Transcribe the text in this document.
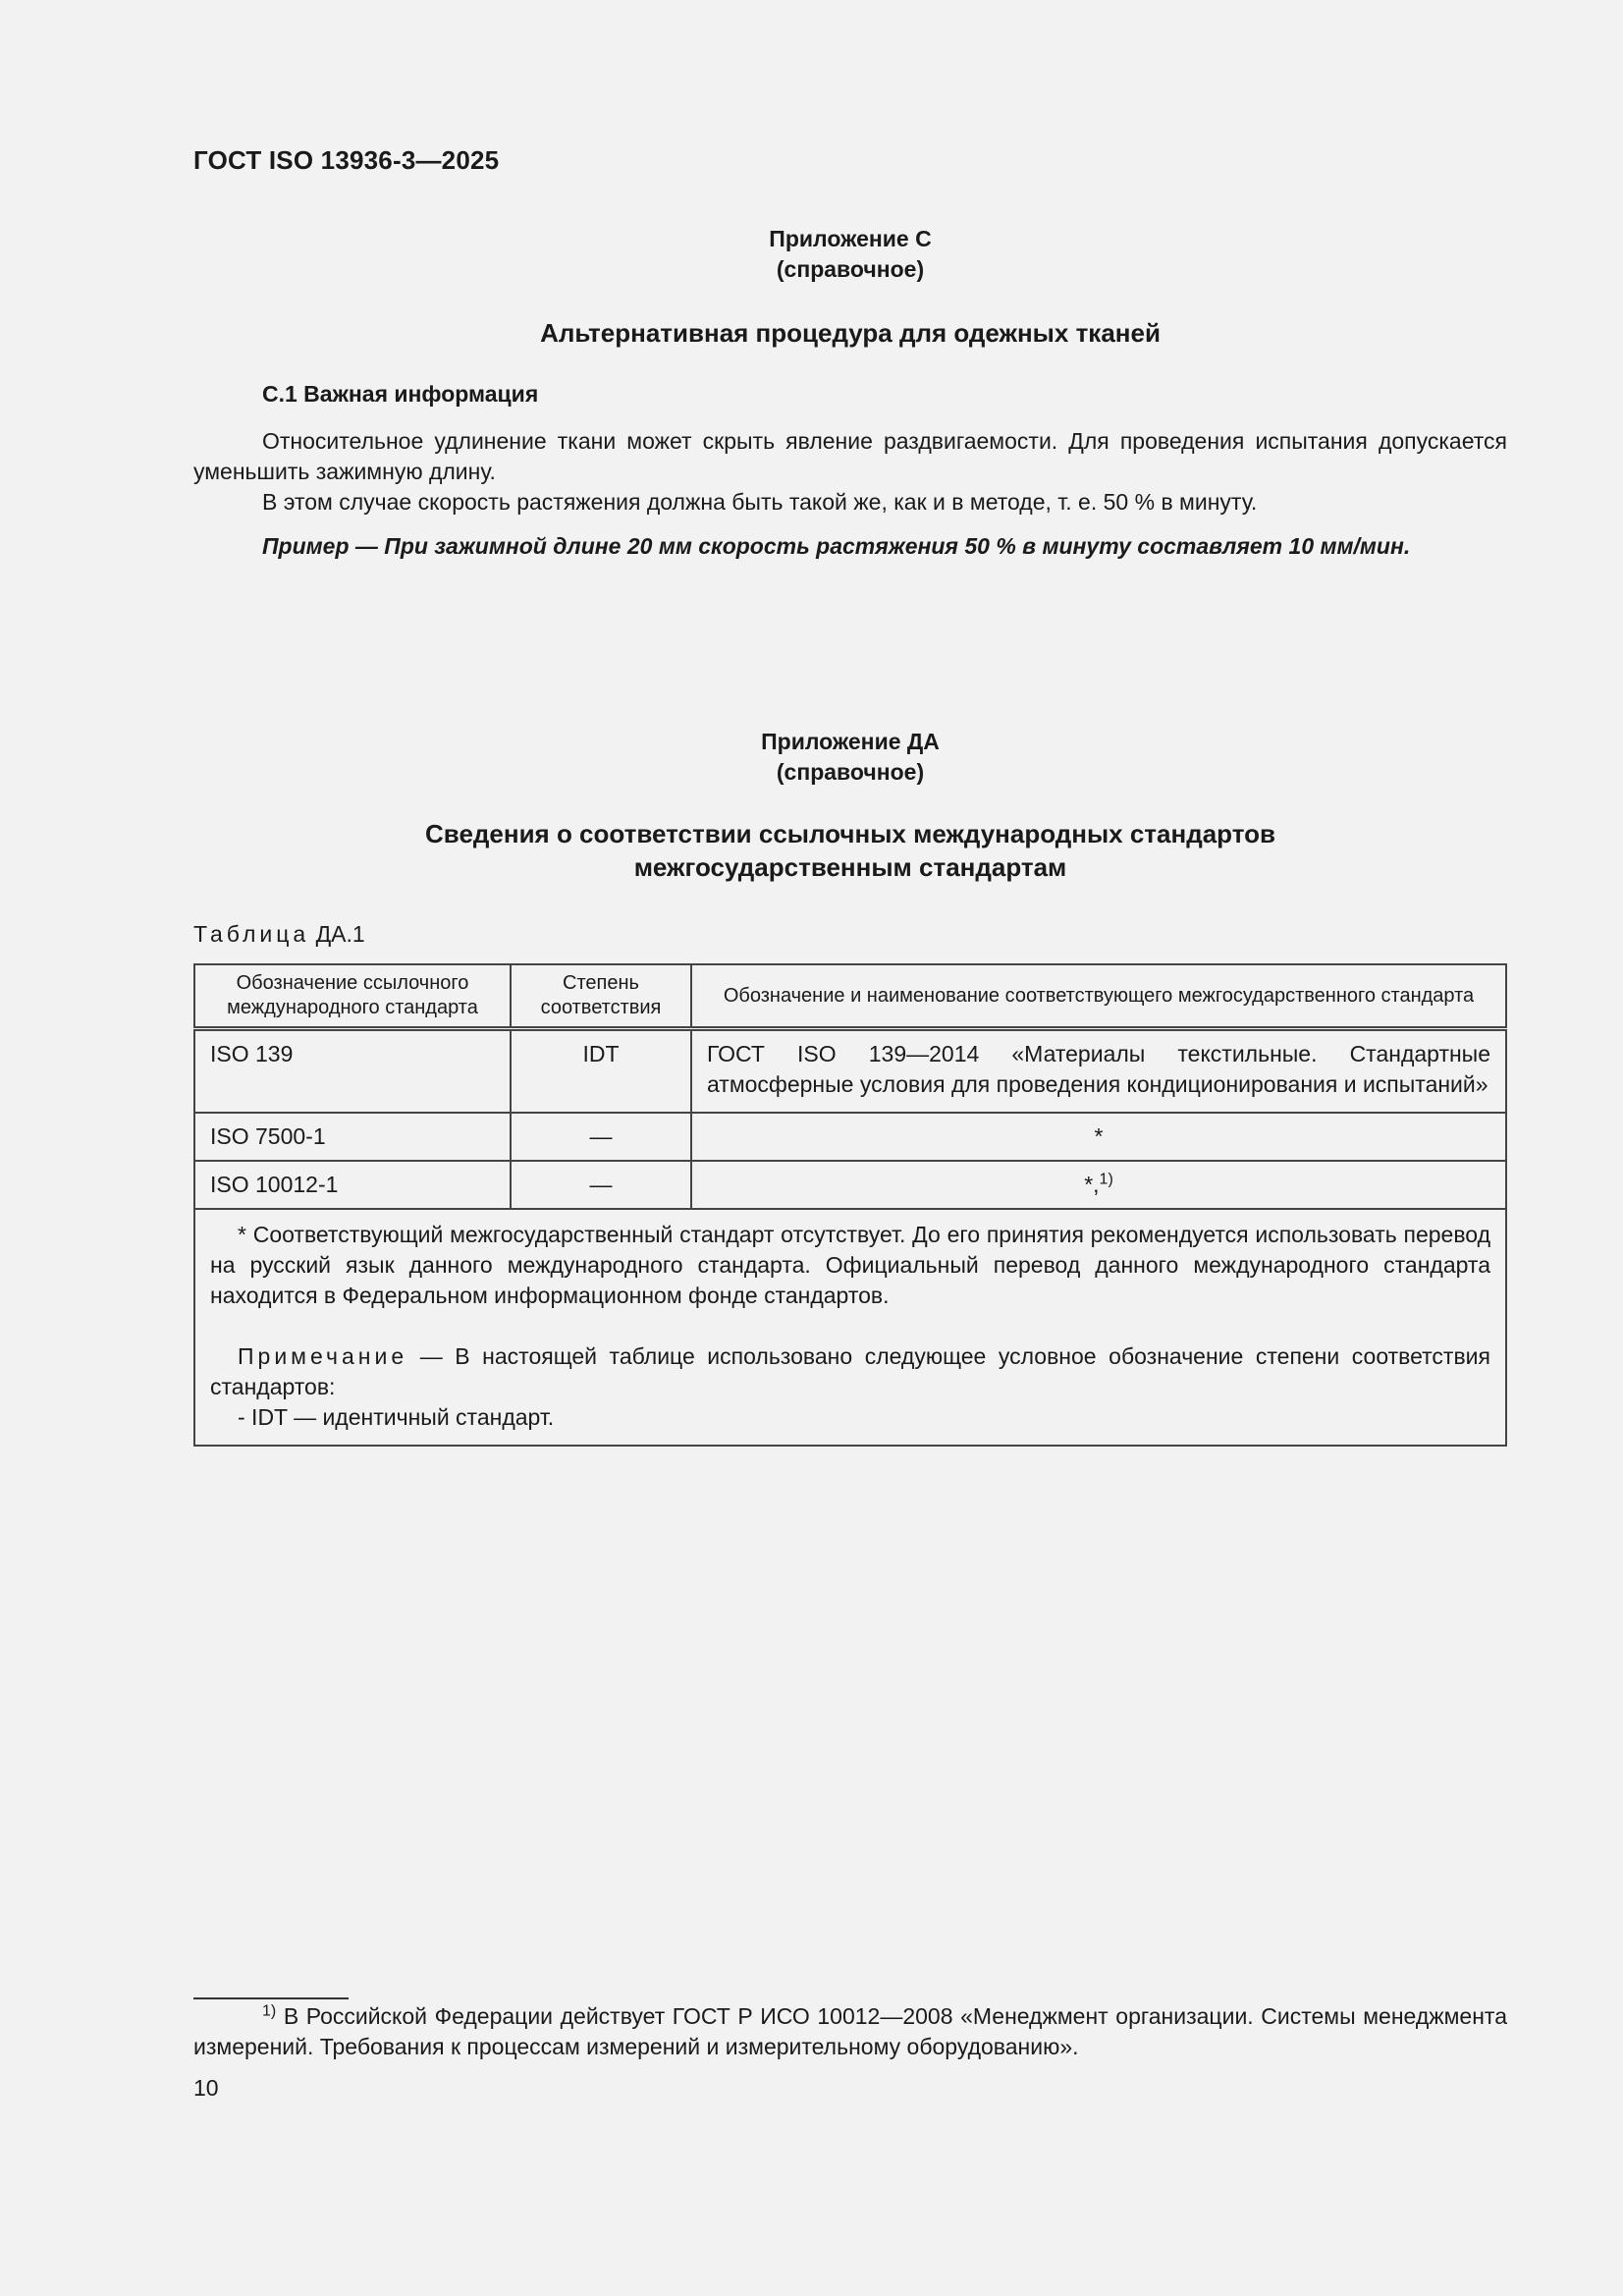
ГОСТ ISO 13936-3—2025
Приложение С
(справочное)
Альтернативная процедура для одежных тканей
С.1 Важная информация
Относительное удлинение ткани может скрыть явление раздвигаемости. Для проведения испытания допускается уменьшить зажимную длину.
В этом случае скорость растяжения должна быть такой же, как и в методе, т. е. 50 % в минуту.
Пример — При зажимной длине 20 мм скорость растяжения 50 % в минуту составляет 10 мм/мин.
Приложение ДА
(справочное)
Сведения о соответствии ссылочных международных стандартов
межгосударственным стандартам
Таблица ДА.1
Обозначение ссылочного международного стандарта	Степень соответствия	Обозначение и наименование соответствующего межгосударственного стандарта
ISO 139	IDT	ГОСТ ISO 139—2014 «Материалы текстильные. Стандартные атмосферные условия для проведения кондиционирования и испытаний»
ISO 7500-1	—	*
ISO 10012-1	—	*,$^{1)}$

* Соответствующий межгосударственный стандарт отсутствует. До его принятия рекомендуется использовать перевод на русский язык данного международного стандарта. Официальный перевод данного международного стандарта находится в Федеральном информационном фонде стандартов.

Примечание — В настоящей таблице использовано следующее условное обозначение степени соответствия стандартов:

- IDT — идентичный стандарт.		

$^{1)}$ В Российской Федерации действует ГОСТ Р ИСО 10012—2008 «Менеджмент организации. Системы менеджмента измерений. Требования к процессам измерений и измерительному оборудованию».
10
